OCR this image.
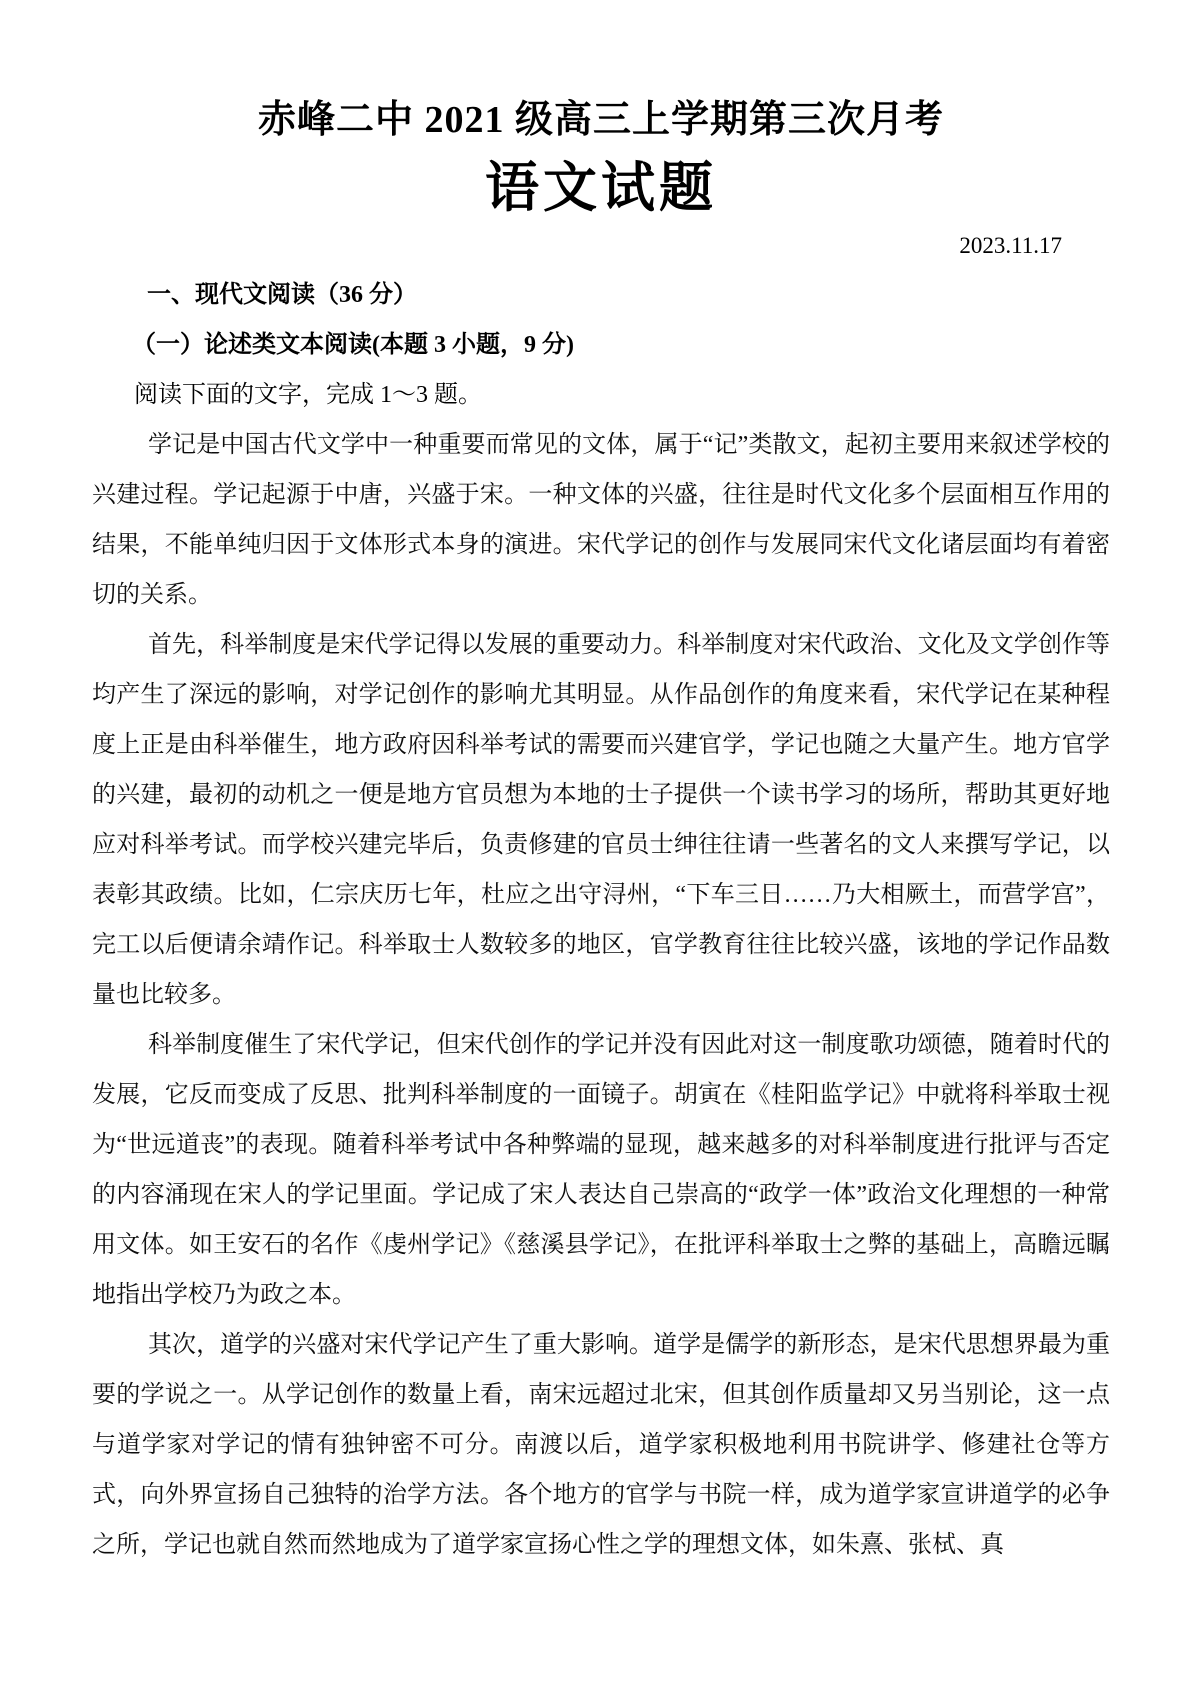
赤峰二中 2021 级高三上学期第三次月考
语文试题
2023.11.17
一、现代文阅读（36 分）
（一）论述类文本阅读(本题 3 小题，9 分)

阅读下面的文字，完成 1～3 题。

学记是中国古代文学中一种重要而常见的文体，属于“记”类散文，起初主要用来叙述学校的兴建过程。学记起源于中唐，兴盛于宋。一种文体的兴盛，往往是时代文化多个层面相互作用的结果，不能单纯归因于文体形式本身的演进。宋代学记的创作与发展同宋代文化诸层面均有着密切的关系。

首先，科举制度是宋代学记得以发展的重要动力。科举制度对宋代政治、文化及文学创作等均产生了深远的影响，对学记创作的影响尤其明显。从作品创作的角度来看，宋代学记在某种程度上正是由科举催生，地方政府因科举考试的需要而兴建官学，学记也随之大量产生。地方官学的兴建，最初的动机之一便是地方官员想为本地的士子提供一个读书学习的场所，帮助其更好地应对科举考试。而学校兴建完毕后，负责修建的官员士绅往往请一些著名的文人来撰写学记，以表彰其政绩。比如，仁宗庆历七年，杜应之出守浔州，“下车三日……乃大相厥土，而营学宫”，完工以后便请余靖作记。科举取士人数较多的地区，官学教育往往比较兴盛，该地的学记作品数量也比较多。

科举制度催生了宋代学记，但宋代创作的学记并没有因此对这一制度歌功颂德，随着时代的发展，它反而变成了反思、批判科举制度的一面镜子。胡寅在《桂阳监学记》中就将科举取士视为“世远道丧”的表现。随着科举考试中各种弊端的显现，越来越多的对科举制度进行批评与否定的内容涌现在宋人的学记里面。学记成了宋人表达自己崇高的“政学一体”政治文化理想的一种常用文体。如王安石的名作《虔州学记》《慈溪县学记》，在批评科举取士之弊的基础上，高瞻远瞩地指出学校乃为政之本。

其次，道学的兴盛对宋代学记产生了重大影响。道学是儒学的新形态，是宋代思想界最为重要的学说之一。从学记创作的数量上看，南宋远超过北宋，但其创作质量却又另当别论，这一点与道学家对学记的情有独钟密不可分。南渡以后，道学家积极地利用书院讲学、修建社仓等方式，向外界宣扬自己独特的治学方法。各个地方的官学与书院一样，成为道学家宣讲道学的必争之所，学记也就自然而然地成为了道学家宣扬心性之学的理想文体，如朱熹、张栻、真
